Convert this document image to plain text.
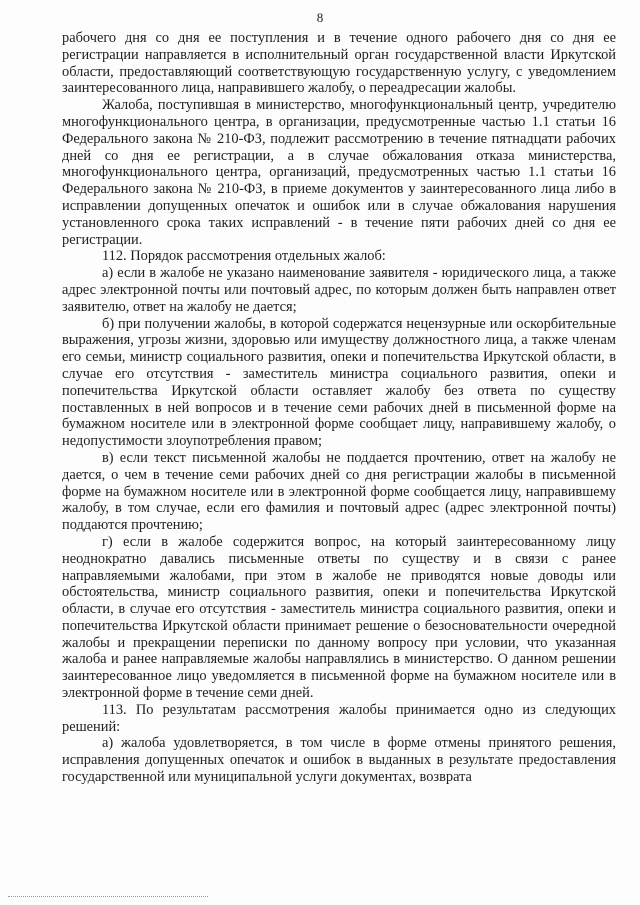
8

рабочего дня со дня ее поступления и в течение одного рабочего дня со дня ее регистрации направляется в исполнительный орган государственной власти Иркутской области, предоставляющий соответствующую государственную услугу, с уведомлением заинтересованного лица, направившего жалобу, о переадресации жалобы.

Жалоба, поступившая в министерство, многофункциональный центр, учредителю многофункционального центра, в организации, предусмотренные частью 1.1 статьи 16 Федерального закона № 210-ФЗ, подлежит рассмотрению в течение пятнадцати рабочих дней со дня ее регистрации, а в случае обжалования отказа министерства, многофункционального центра, организаций, предусмотренных частью 1.1 статьи 16 Федерального закона № 210-ФЗ, в приеме документов у заинтересованного лица либо в исправлении допущенных опечаток и ошибок или в случае обжалования нарушения установленного срока таких исправлений - в течение пяти рабочих дней со дня ее регистрации.

112. Порядок рассмотрения отдельных жалоб:

а) если в жалобе не указано наименование заявителя - юридического лица, а также адрес электронной почты или почтовый адрес, по которым должен быть направлен ответ заявителю, ответ на жалобу не дается;

б) при получении жалобы, в которой содержатся нецензурные или оскорбительные выражения, угрозы жизни, здоровью или имуществу должностного лица, а также членам его семьи, министр социального развития, опеки и попечительства Иркутской области, в случае его отсутствия - заместитель министра социального развития, опеки и попечительства Иркутской области оставляет жалобу без ответа по существу поставленных в ней вопросов и в течение семи рабочих дней в письменной форме на бумажном носителе или в электронной форме сообщает лицу, направившему жалобу, о недопустимости злоупотребления правом;

в) если текст письменной жалобы не поддается прочтению, ответ на жалобу не дается, о чем в течение семи рабочих дней со дня регистрации жалобы в письменной форме на бумажном носителе или в электронной форме сообщается лицу, направившему жалобу, в том случае, если его фамилия и почтовый адрес (адрес электронной почты) поддаются прочтению;

г) если в жалобе содержится вопрос, на который заинтересованному лицу неоднократно давались письменные ответы по существу и в связи с ранее направляемыми жалобами, при этом в жалобе не приводятся новые доводы или обстоятельства, министр социального развития, опеки и попечительства Иркутской области, в случае его отсутствия - заместитель министра социального развития, опеки и попечительства Иркутской области принимает решение о безосновательности очередной жалобы и прекращении переписки по данному вопросу при условии, что указанная жалоба и ранее направляемые жалобы направлялись в министерство. О данном решении заинтересованное лицо уведомляется в письменной форме на бумажном носителе или в электронной форме в течение семи дней.

113. По результатам рассмотрения жалобы принимается одно из следующих решений:

а) жалоба удовлетворяется, в том числе в форме отмены принятого решения, исправления допущенных опечаток и ошибок в выданных в результате предоставления государственной или муниципальной услуги документах, возврата
